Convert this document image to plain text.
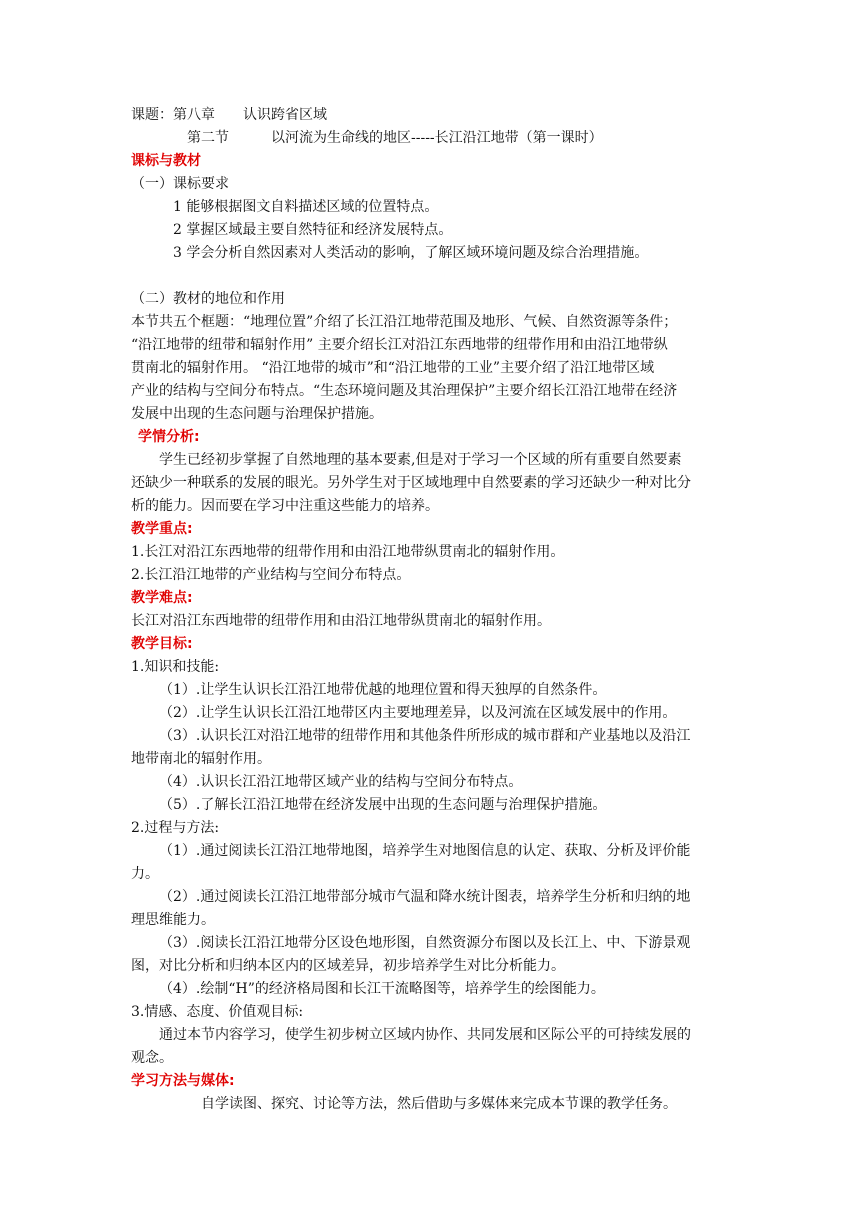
课题：第八章 认识跨省区域

第二节	以河流为生命线的地区-----长江沿江地带（第一课时）

课标与教材

（一）课标要求

1 能够根据图文自料描述区域的位置特点。

2 掌握区域最主要自然特征和经济发展特点。

3 学会分析自然因素对人类活动的影响，了解区域环境问题及综合治理措施。

（二）教材的地位和作用

本节共五个框题：“地理位置”介绍了长江沿江地带范围及地形、气候、自然资源等条件；

“沿江地带的纽带和辐射作用” 主要介绍长江对沿江东西地带的纽带作用和由沿江地带纵

贯南北的辐射作用。 “沿江地带的城市”和“沿江地带的工业”主要介绍了沿江地带区域

产业的结构与空间分布特点。“生态环境问题及其治理保护”主要介绍长江沿江地带在经济

发展中出现的生态问题与治理保护措施。

学情分析:

学生已经初步掌握了自然地理的基本要素,但是对于学习一个区域的所有重要自然要素

还缺少一种联系的发展的眼光。另外学生对于区域地理中自然要素的学习还缺少一种对比分

析的能力。因而要在学习中注重这些能力的培养。

教学重点:

1.长江对沿江东西地带的纽带作用和由沿江地带纵贯南北的辐射作用。

2.长江沿江地带的产业结构与空间分布特点。

教学难点:

长江对沿江东西地带的纽带作用和由沿江地带纵贯南北的辐射作用。

教学目标:

1.知识和技能:

（1）.让学生认识长江沿江地带优越的地理位置和得天独厚的自然条件。

（2）.让学生认识长江沿江地带区内主要地理差异，以及河流在区域发展中的作用。

（3）.认识长江对沿江地带的纽带作用和其他条件所形成的城市群和产业基地以及沿江

地带南北的辐射作用。

（4）.认识长江沿江地带区域产业的结构与空间分布特点。

（5）.了解长江沿江地带在经济发展中出现的生态问题与治理保护措施。

2.过程与方法:

（1）.通过阅读长江沿江地带地图，培养学生对地图信息的认定、获取、分析及评价能

力。

（2）.通过阅读长江沿江地带部分城市气温和降水统计图表，培养学生分析和归纳的地

理思维能力。

（3）.阅读长江沿江地带分区设色地形图，自然资源分布图以及长江上、中、下游景观

图，对比分析和归纳本区内的区域差异，初步培养学生对比分析能力。

（4）.绘制“H”的经济格局图和长江干流略图等，培养学生的绘图能力。

3.情感、态度、价值观目标:

通过本节内容学习，使学生初步树立区域内协作、共同发展和区际公平的可持续发展的

观念。

学习方法与媒体:

自学读图、探究、讨论等方法，然后借助与多媒体来完成本节课的教学任务。
